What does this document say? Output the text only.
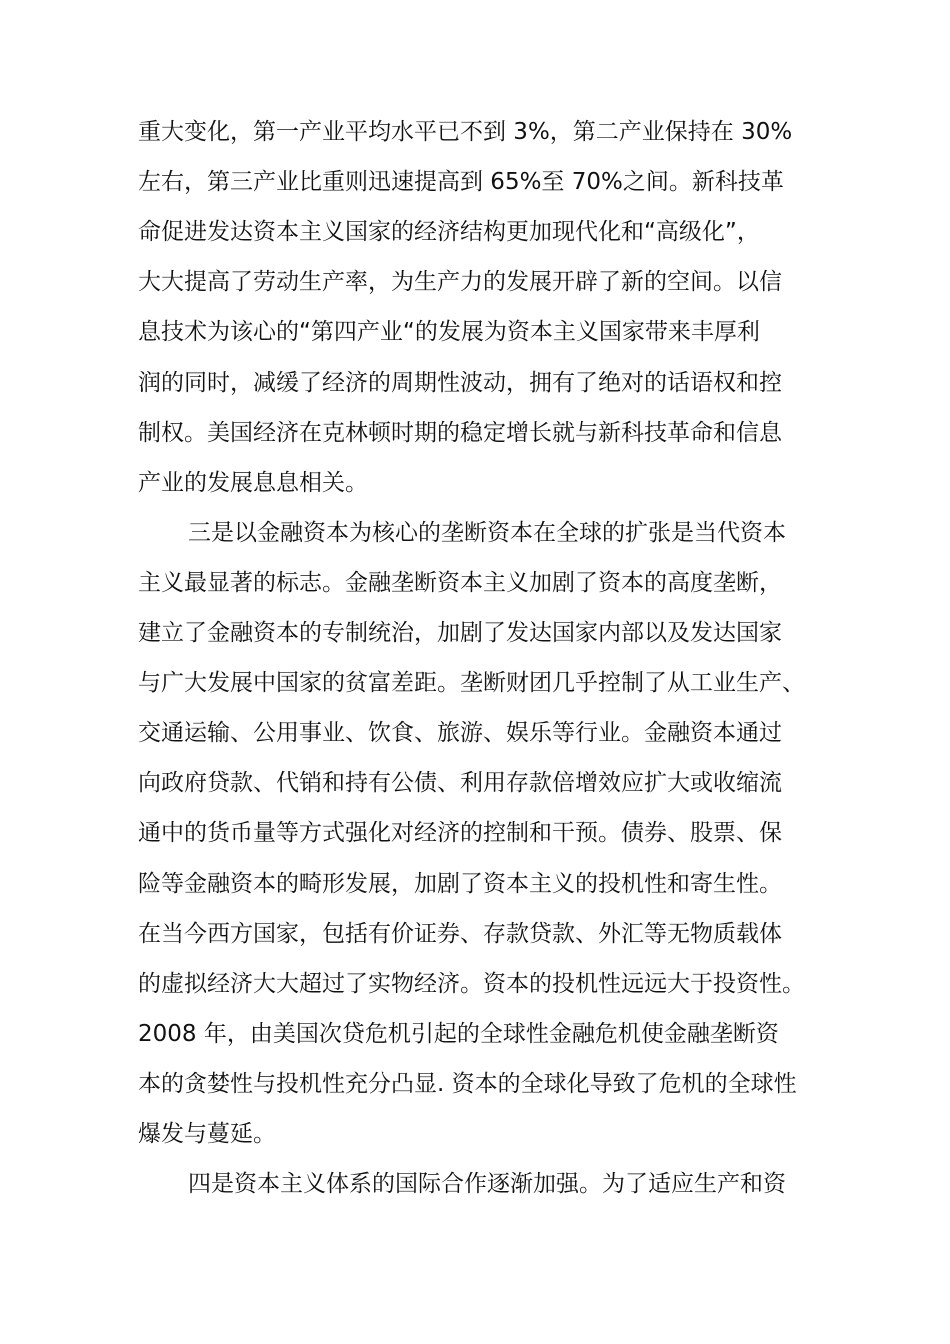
重大变化，第一产业平均水平已不到 3%，第二产业保持在 30%
左右，第三产业比重则迅速提高到 65%至 70%之间。新科技革
命促进发达资本主义国家的经济结构更加现代化和“高级化”，
大大提高了劳动生产率，为生产力的发展开辟了新的空间。以信
息技术为该心的“第四产业“的发展为资本主义国家带来丰厚利
润的同时，减缓了经济的周期性波动，拥有了绝对的话语权和控
制权。美国经济在克林顿时期的稳定增长就与新科技革命和信息
产业的发展息息相关。
三是以金融资本为核心的垄断资本在全球的扩张是当代资本
主义最显著的标志。金融垄断资本主义加剧了资本的高度垄断，
建立了金融资本的专制统治，加剧了发达国家内部以及发达国家
与广大发展中国家的贫富差距。垄断财团几乎控制了从工业生产、
交通运输、公用事业、饮食、旅游、娱乐等行业。金融资本通过
向政府贷款、代销和持有公债、利用存款倍增效应扩大或收缩流
通中的货币量等方式强化对经济的控制和干预。债券、股票、保
险等金融资本的畸形发展，加剧了资本主义的投机性和寄生性。
在当今西方国家，包括有价证券、存款贷款、外汇等无物质载体
的虚拟经济大大超过了实物经济。资本的投机性远远大于投资性。
2008 年，由美国次贷危机引起的全球性金融危机使金融垄断资
本的贪婪性与投机性充分凸显. 资本的全球化导致了危机的全球性
爆发与蔓延。
四是资本主义体系的国际合作逐渐加强。为了适应生产和资
